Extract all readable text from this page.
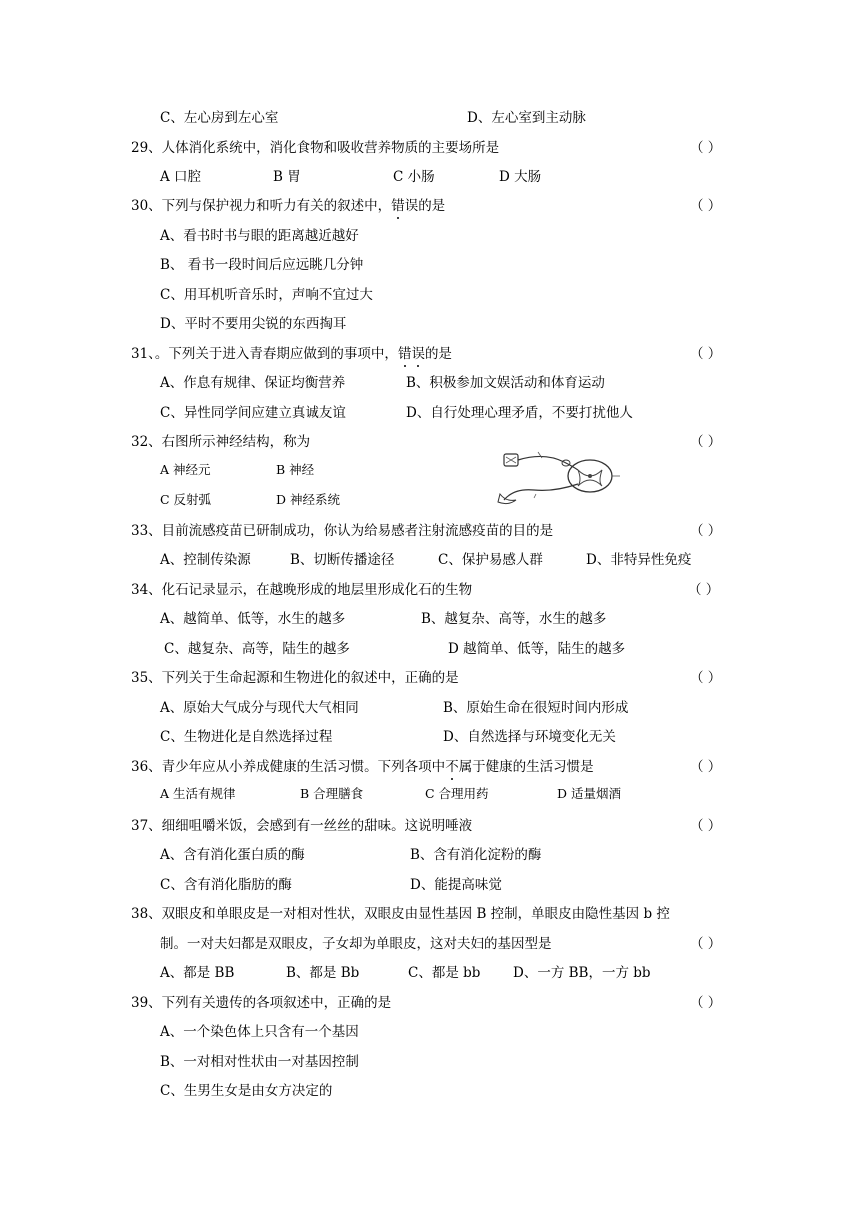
C、左心房到左心室	D、左心室到主动脉
29、人体消化系统中，消化食物和吸收营养物质的主要场所是	（ ）
A 口腔	B 胃	C 小肠	D 大肠
30、下列与保护视力和听力有关的叙述中，错误的是	（ ）
A、看书时书与眼的距离越近越好
B、 看书一段时间后应远眺几分钟
C、用耳机听音乐时，声响不宜过大
D、平时不要用尖锐的东西掏耳
31、。下列关于进入青春期应做到的事项中，错误的是	（ ）
A、作息有规律、保证均衡营养	B、积极参加文娱活动和体育运动
C、异性同学间应建立真诚友谊	D、自行处理心理矛盾，不要打扰他人
32、右图所示神经结构，称为	（ ）
A 神经元	B 神经
C 反射弧	D 神经系统
33、目前流感疫苗已研制成功，你认为给易感者注射流感疫苗的目的是	（ ）
A、控制传染源	B、切断传播途径	C、保护易感人群	D、非特异性免疫
34、化石记录显示，在越晚形成的地层里形成化石的生物	（ ）
A、越简单、低等，水生的越多	B、越复杂、高等，水生的越多
C、越复杂、高等，陆生的越多	D 越简单、低等，陆生的越多
35、下列关于生命起源和生物进化的叙述中，正确的是	（ ）
A、原始大气成分与现代大气相同	B、原始生命在很短时间内形成
C、生物进化是自然选择过程	D、自然选择与环境变化无关
36、青少年应从小养成健康的生活习惯。下列各项中不属于健康的生活习惯是	（ ）
A 生活有规律	B 合理膳食	C 合理用药	D 适量烟酒
37、细细咀嚼米饭，会感到有一丝丝的甜味。这说明唾液	（ ）
A、含有消化蛋白质的酶	B、含有消化淀粉的酶
C、含有消化脂肪的酶	D、能提高味觉
38、双眼皮和单眼皮是一对相对性状，双眼皮由显性基因 B 控制，单眼皮由隐性基因 b 控
制。一对夫妇都是双眼皮，子女却为单眼皮，这对夫妇的基因型是	（ ）
A、都是 BB	B、都是 Bb	C、都是 bb D、一方 BB，一方 bb
39、下列有关遗传的各项叙述中，正确的是	（ ）
A、一个染色体上只含有一个基因
B、一对相对性状由一对基因控制
C、生男生女是由女方决定的
